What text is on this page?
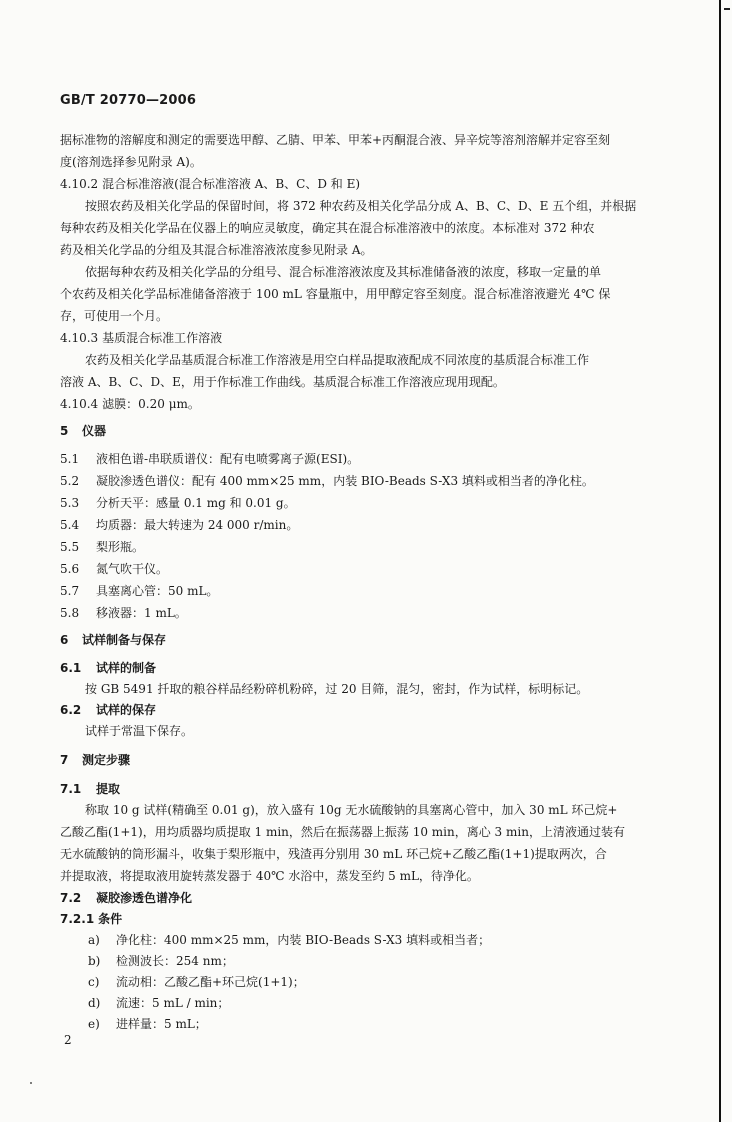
GB/T 20770—2006
据标准物的溶解度和测定的需要选甲醇、乙腈、甲苯、甲苯+丙酮混合液、异辛烷等溶剂溶解并定容至刻
度(溶剂选择参见附录 A)。
4.10.2 混合标准溶液(混合标准溶液 A、B、C、D 和 E)
按照农药及相关化学品的保留时间，将 372 种农药及相关化学品分成 A、B、C、D、E 五个组，并根据
每种农药及相关化学品在仪器上的响应灵敏度，确定其在混合标准溶液中的浓度。本标准对 372 种农
药及相关化学品的分组及其混合标准溶液浓度参见附录 A。
依据每种农药及相关化学品的分组号、混合标准溶液浓度及其标准储备液的浓度，移取一定量的单
个农药及相关化学品标准储备溶液于 100 mL 容量瓶中，用甲醇定容至刻度。混合标准溶液避光 4℃ 保
存，可使用一个月。
4.10.3 基质混合标准工作溶液
农药及相关化学品基质混合标准工作溶液是用空白样品提取液配成不同浓度的基质混合标准工作
溶液 A、B、C、D、E，用于作标准工作曲线。基质混合标准工作溶液应现用现配。
4.10.4 滤膜：0.20 μm。
5 仪器
5.1 液相色谱-串联质谱仪：配有电喷雾离子源(ESI)。
5.2 凝胶渗透色谱仪：配有 400 mm×25 mm，内装 BIO-Beads S-X3 填料或相当者的净化柱。
5.3 分析天平：感量 0.1 mg 和 0.01 g。
5.4 均质器：最大转速为 24 000 r/min。
5.5 梨形瓶。
5.6 氮气吹干仪。
5.7 具塞离心管：50 mL。
5.8 移液器：1 mL。
6 试样制备与保存
6.1 试样的制备
按 GB 5491 扦取的粮谷样品经粉碎机粉碎，过 20 目筛，混匀，密封，作为试样，标明标记。
6.2 试样的保存
试样于常温下保存。
7 测定步骤
7.1 提取
称取 10 g 试样(精确至 0.01 g)，放入盛有 10g 无水硫酸钠的具塞离心管中，加入 30 mL 环己烷+
乙酸乙酯(1+1)，用均质器均质提取 1 min，然后在振荡器上振荡 10 min，离心 3 min，上清液通过装有
无水硫酸钠的筒形漏斗，收集于梨形瓶中，残渣再分别用 30 mL 环己烷+乙酸乙酯(1+1)提取两次，合
并提取液，将提取液用旋转蒸发器于 40℃ 水浴中，蒸发至约 5 mL，待净化。
7.2 凝胶渗透色谱净化
7.2.1 条件
a) 净化柱：400 mm×25 mm，内装 BIO-Beads S-X3 填料或相当者；
b) 检测波长：254 nm；
c) 流动相：乙酸乙酯+环己烷(1+1)；
d) 流速：5 mL / min；
e) 进样量：5 mL；
2
